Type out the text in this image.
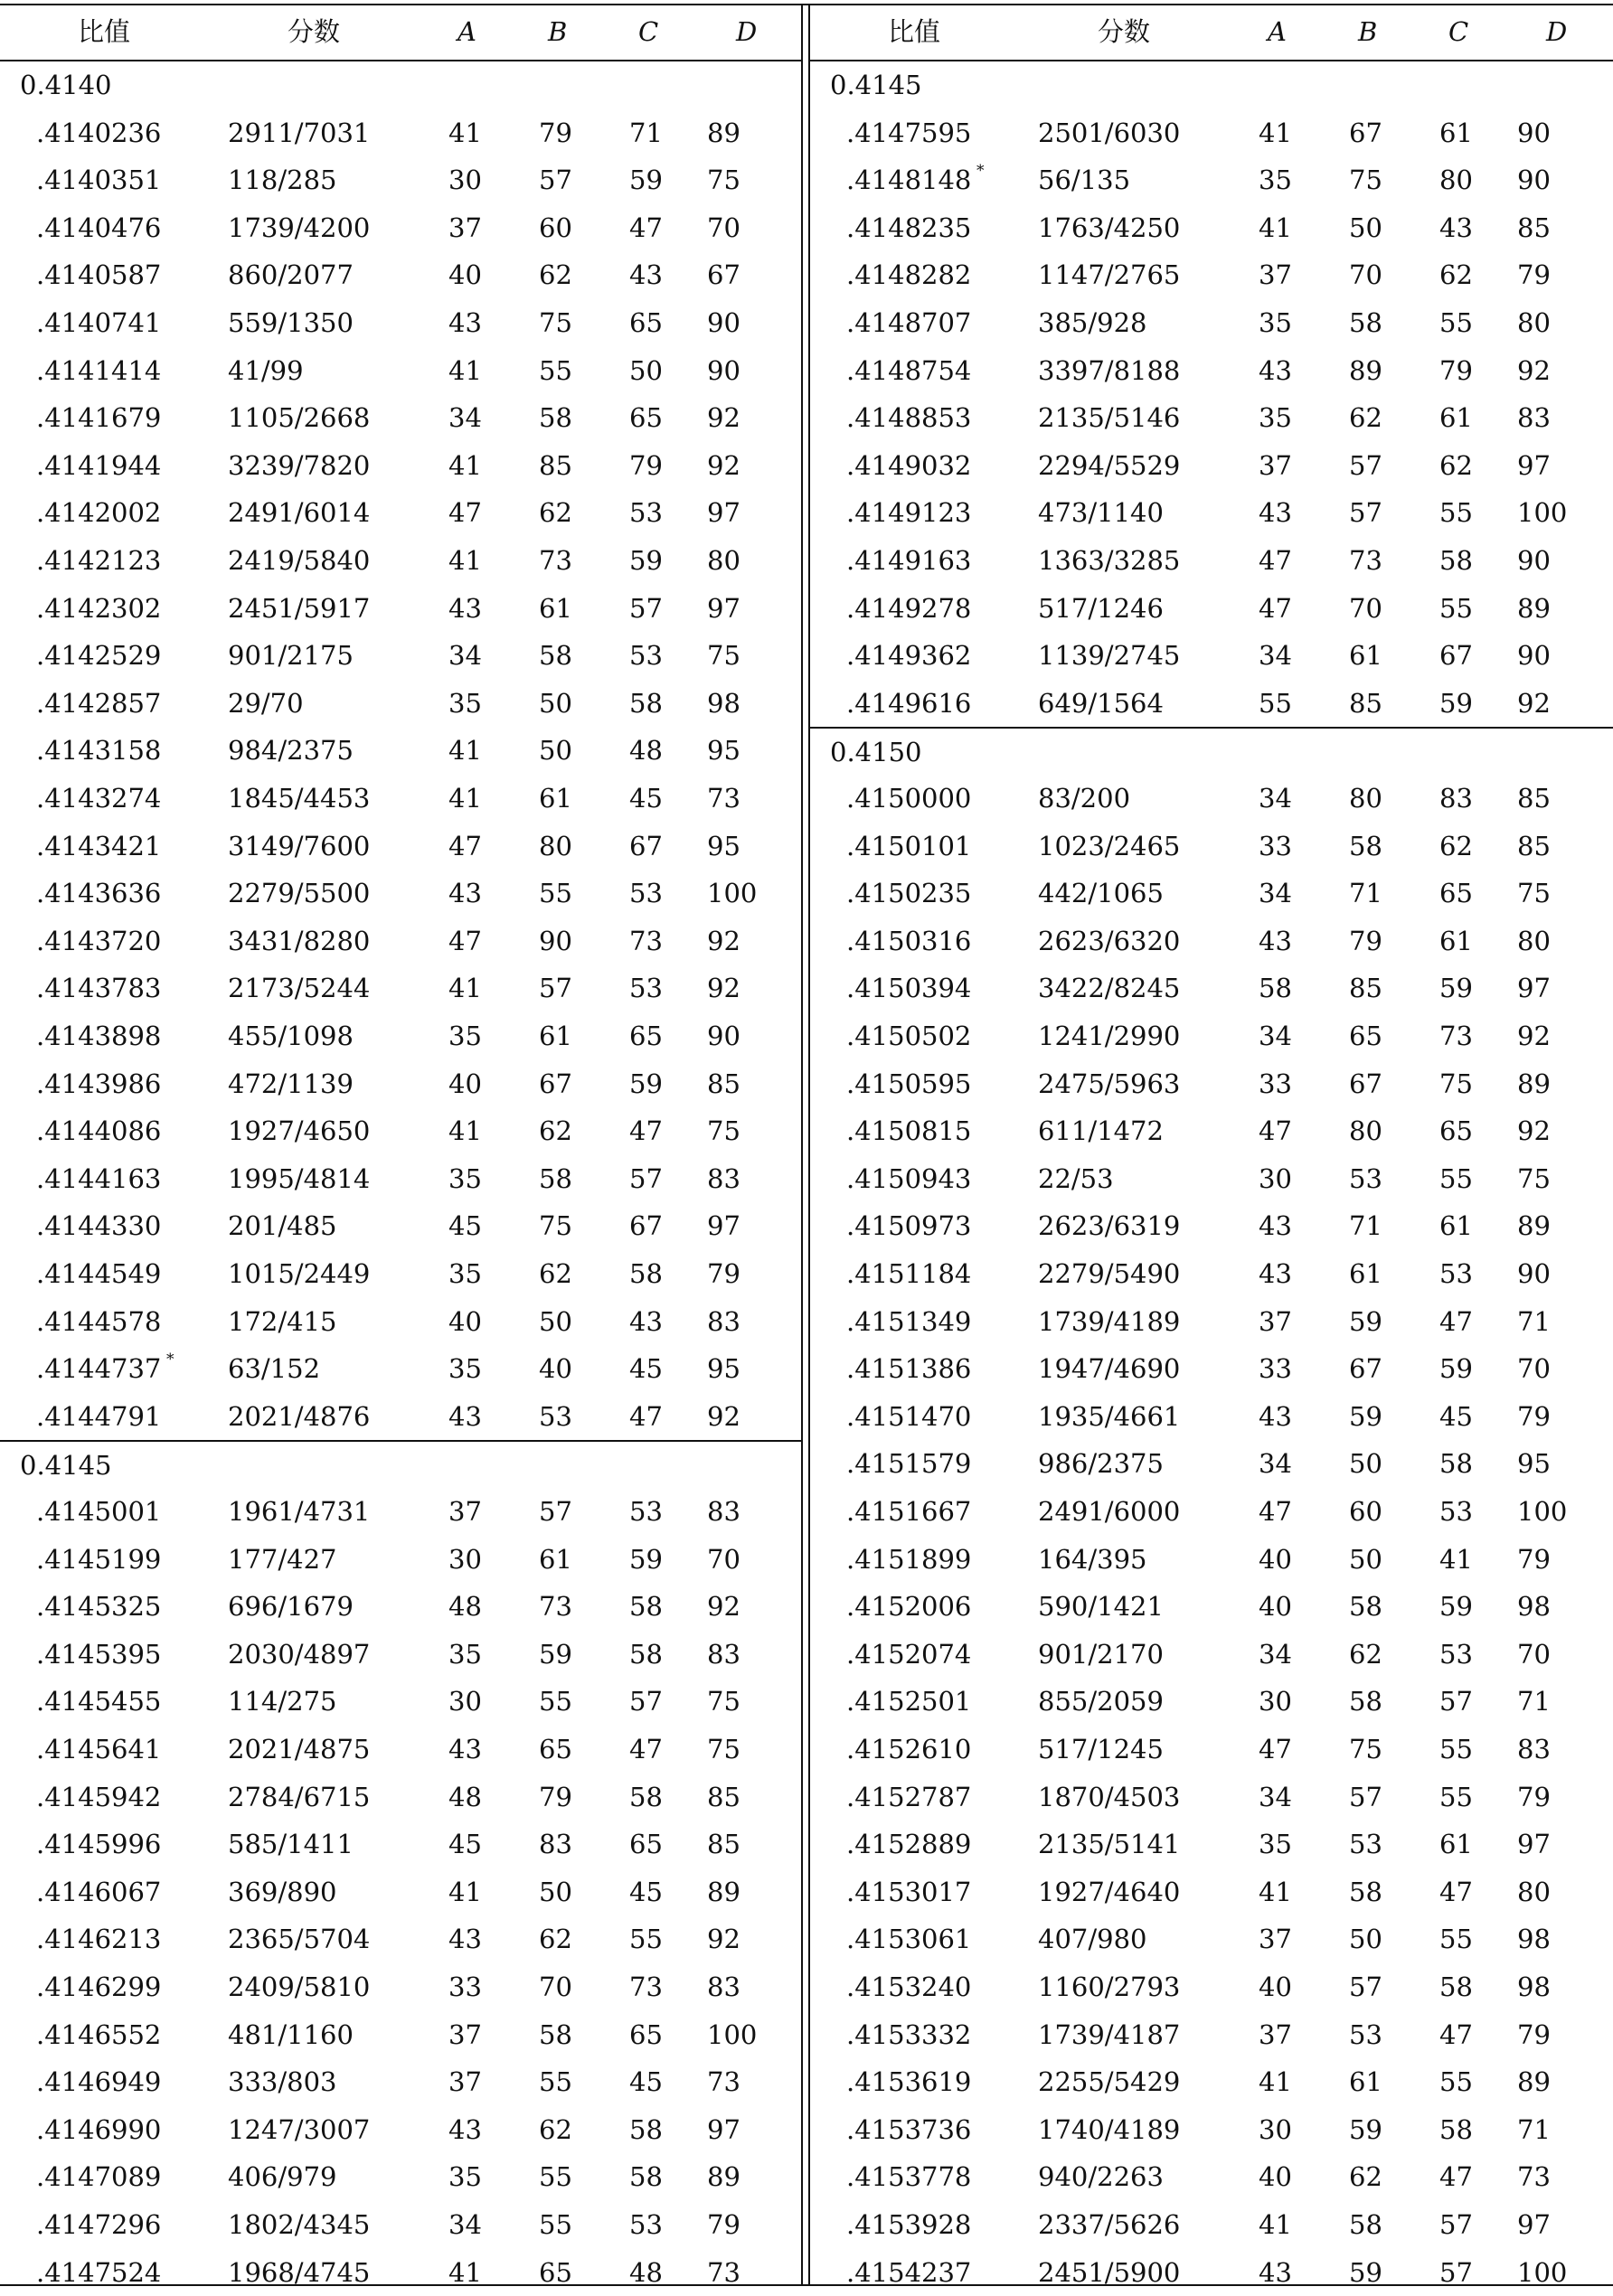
比值	分数	A	B	C	D
0.4140
.4140236	2911/7031	41 79 71 89
.4140351	118/285	30 57 59 75
.4140476	1739/4200	37 60 47 70
.4140587	860/2077	40 62 43 67
.4140741	559/1350	43 75 65 90
.4141414	41/99	41 55 50 90
.4141679	1105/2668	34 58 65 92
.4141944	3239/7820	41 85 79 92
.4142002	2491/6014	47 62 53 97
.4142123	2419/5840	41 73 59 80
.4142302	2451/5917	43 61 57 97
.4142529	901/2175	34 58 53 75
.4142857	29/70	35 50 58 98
.4143158	984/2375	41 50 48 95
.4143274	1845/4453	41 61 45 73
.4143421	3149/7600	47 80 67 95
.4143636	2279/5500	43 55 53 100
.4143720	3431/8280	47 90 73 92
.4143783	2173/5244	41 57 53 92
.4143898	455/1098	35 61 65 90
.4143986	472/1139	40 67 59 85
.4144086	1927/4650	41 62 47 75
.4144163	1995/4814	35 58 57 83
.4144330	201/485	45 75 67 97
.4144549	1015/2449	35 62 58 79
.4144578	172/415	40 50 43 83
.4144737 * 63/152	35 40 45 95
.4144791	2021/4876	43 53 47 92
0.4145
.4145001	1961/4731	37 57 53 83
.4145199	177/427	30 61 59 70
.4145325	696/1679	48 73 58 92
.4145395	2030/4897	35 59 58 83
.4145455	114/275	30 55 57 75
.4145641	2021/4875	43 65 47 75
.4145942	2784/6715	48 79 58 85
.4145996	585/1411	45 83 65 85
.4146067	369/890	41 50 45 89
.4146213	2365/5704	43 62 55 92
.4146299	2409/5810	33 70 73 83
.4146552	481/1160	37 58 65 100
.4146949	333/803	37 55 45 73
.4146990	1247/3007	43 62 58 97
.4147089	406/979	35 55 58 89
.4147296	1802/4345	34 55 53 79
.4147524	1968/4745	41 65 48 73
比值	分数	A	B	C	D
0.4145
.4147595	2501/6030	41 67 61 90
.4148148 * 56/135	35 75 80 90
.4148235	1763/4250	41 50 43 85
.4148282	1147/2765	37 70 62 79
.4148707	385/928	35 58 55 80
.4148754	3397/8188	43 89 79 92
.4148853	2135/5146	35 62 61 83
.4149032	2294/5529	37 57 62 97
.4149123	473/1140	43 57 55 100
.4149163	1363/3285	47 73 58 90
.4149278	517/1246	47 70 55 89
.4149362	1139/2745	34 61 67 90
.4149616	649/1564	55 85 59 92
0.4150
.4150000	83/200	34 80 83 85
.4150101	1023/2465	33 58 62 85
.4150235	442/1065	34 71 65 75
.4150316	2623/6320	43 79 61 80
.4150394	3422/8245	58 85 59 97
.4150502	1241/2990	34 65 73 92
.4150595	2475/5963	33 67 75 89
.4150815	611/1472	47 80 65 92
.4150943	22/53	30 53 55 75
.4150973	2623/6319	43 71 61 89
.4151184	2279/5490	43 61 53 90
.4151349	1739/4189	37 59 47 71
.4151386	1947/4690	33 67 59 70
.4151470	1935/4661	43 59 45 79
.4151579	986/2375	34 50 58 95
.4151667	2491/6000	47 60 53 100
.4151899	164/395	40 50 41 79
.4152006	590/1421	40 58 59 98
.4152074	901/2170	34 62 53 70
.4152501	855/2059	30 58 57 71
.4152610	517/1245	47 75 55 83
.4152787	1870/4503	34 57 55 79
.4152889	2135/5141	35 53 61 97
.4153017	1927/4640	41 58 47 80
.4153061	407/980	37 50 55 98
.4153240	1160/2793	40 57 58 98
.4153332	1739/4187	37 53 47 79
.4153619	2255/5429	41 61 55 89
.4153736	1740/4189	30 59 58 71
.4153778	940/2263	40 62 47 73
.4153928	2337/5626	41 58 57 97
.4154237	2451/5900	43 59 57 100
